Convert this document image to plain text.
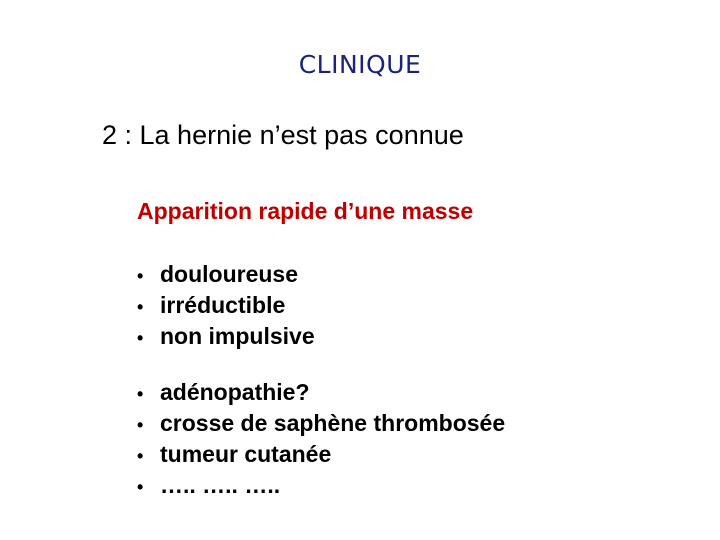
CLINIQUE
2 : La hernie n’est pas connue
Apparition rapide d’une masse
• douloureuse
• irréductible
• non impulsive
• adénopathie?
• crosse de saphène thrombosée
• tumeur cutanée
• ….. ….. …..
